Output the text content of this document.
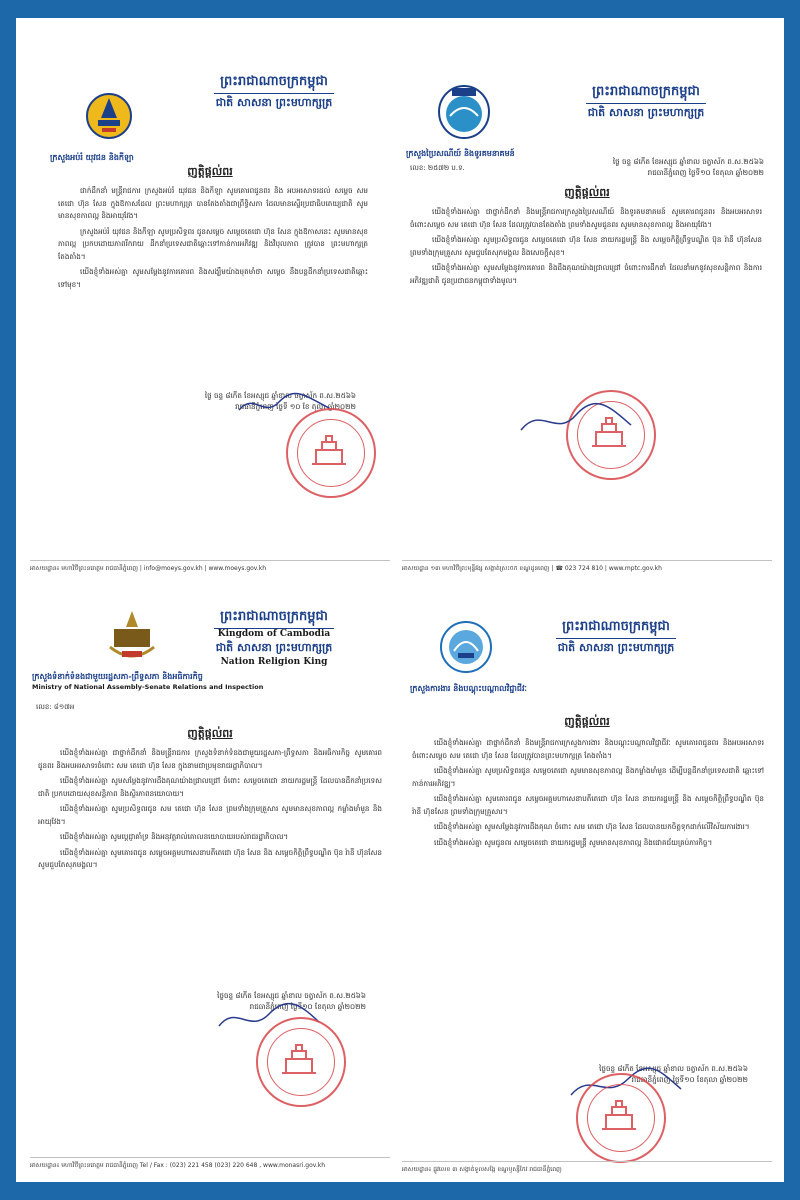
ក្រសួងអប់រំ យុវជន និងកីឡា
ព្រះរាជាណាចក្រកម្ពុជា
ជាតិ សាសនា ព្រះមហាក្សត្រ
ញត្តិផ្ដល់ពរ

ជាក់ដឹកនាំ មន្ត្រីរាជការ ក្រសួងអប់រំ យុវជន និងកីឡា សូមគោរពជូនពរ និង អបអរសាទរដល់ សម្តេច សម តេជោ ហ៊ុន សែន ក្នុងឱកាសដែល ព្រះមហាក្សត្រ បានតែងតាំងជាព្រឹទ្ធិសភា ដែលមានស្ទើរប្រជាធិបតេយ្យជាតិ សូមមានសុខភាពល្អ និងអាយុវែង។

ក្រសួងអប់រំ យុវជន និងកីឡា សូមប្រសិទ្ធពរ ជូនសម្តេច សម្តេចតេជោ ហ៊ុន សែន ក្នុងឱកាសនេះ សូមមានសុខភាពល្អ ប្រកបដោយភាពរីករាយ ដឹកនាំប្រទេសជាតិឆ្ពោះទៅកាន់ការអភិវឌ្ឍ និងវិបុលភាព ត្រូវបាន ព្រះមហាក្សត្រ តែងតាំង។

យើងខ្ញុំទាំងអស់គ្នា សូមសម្ដែងនូវការគោរព និងសង្ឃឹមយ៉ាងមុតមាំថា សម្តេច នឹងបន្តដឹកនាំប្រទេសជាតិឆ្ពោះទៅមុខ។

ថ្ងៃ ចន្ទ ៨កើត ខែអស្សុជ ឆ្នាំខាល ចត្វាស័ក ព.ស.២៥៦៦
រាជធានីភ្នំពេញ ថ្ងៃទី ១០ ខែ តុលា ឆ្នាំ២០២២
អាសយដ្ឋាន៖ មហាវិថីព្រះនរោត្តម រាជធានីភ្នំពេញ | info@moeys.gov.kh | www.moeys.gov.kh
ក្រសួងប្រៃសណីយ៍ និងទូរគមនាគមន៍
ព្រះរាជាណាចក្រកម្ពុជា
ជាតិ សាសនា ព្រះមហាក្សត្រ
លេខ: ២៥៧២ ប.ទ.
ថ្ងៃ ចន្ទ ៨កើត ខែអស្សុជ ឆ្នាំខាល ចត្វាស័ក ព.ស.២៥៦៦
រាជធានីភ្នំពេញ ថ្ងៃទី១០ ខែតុលា ឆ្នាំ២០២២
ញត្តិផ្ដល់ពរ

យើងខ្ញុំទាំងអស់គ្នា ជាថ្នាក់ដឹកនាំ និងមន្ត្រីរាជការក្រសួងប្រៃសណីយ៍ និងទូរគមនាគមន៍ សូមគោរពជូនពរ និងអបអរសាទរ ចំពោះសម្តេច សម តេជោ ហ៊ុន សែន ដែលត្រូវបានតែងតាំង ព្រមទាំងសូមជូនពរ សូមមានសុខភាពល្អ និងអាយុវែង។

យើងខ្ញុំទាំងអស់គ្នា សូមប្រសិទ្ធពរជូន សម្តេចតេជោ ហ៊ុន សែន នាយករដ្ឋមន្ត្រី និង សម្តេចកិត្តិព្រឹទ្ធបណ្ឌិត ប៊ុន រ៉ានី ហ៊ុនសែន ព្រមទាំងក្រុមគ្រួសារ សូមជួបតែសុភមង្គល និងសេចក្ដីសុខ។

យើងខ្ញុំទាំងអស់គ្នា សូមសម្ដែងនូវការគោរព និងដឹងគុណយ៉ាងជ្រាលជ្រៅ ចំពោះការដឹកនាំ ដែលនាំមកនូវសុខសន្តិភាព និងការអភិវឌ្ឍជាតិ ជូនប្រជាជនកម្ពុជាទាំងមូល។

អាសយដ្ឋាន ១៣ មហាវិថីព្រះមុន្នីវង្ស សង្កាត់ស្រះចក ខណ្ឌដូនពេញ | ☎ 023 724 810 | www.mptc.gov.kh
ក្រសួងទំនាក់ទំនងជាមួយរដ្ឋសភា-ព្រឹទ្ធសភា និងអធិការកិច្ច
Ministry of National Assembly-Senate Relations and Inspection
ព្រះរាជាណាចក្រកម្ពុជា
Kingdom of Cambodia
ជាតិ សាសនា ព្រះមហាក្សត្រ
Nation Religion King
លេខ: ៨១៧អ
ញត្តិផ្ដល់ពរ

យើងខ្ញុំទាំងអស់គ្នា ជាថ្នាក់ដឹកនាំ និងមន្ត្រីរាជការ ក្រសួងទំនាក់ទំនងជាមួយរដ្ឋសភា-ព្រឹទ្ធសភា និងអធិការកិច្ច សូមគោរពជូនពរ និងអបអរសាទរចំពោះ សម តេជោ ហ៊ុន សែន ក្នុងនាមជាប្រមុខរាជរដ្ឋាភិបាល។

យើងខ្ញុំទាំងអស់គ្នា សូមសម្ដែងនូវការដឹងគុណយ៉ាងជ្រាលជ្រៅ ចំពោះ សម្តេចតេជោ នាយករដ្ឋមន្ត្រី ដែលបានដឹកនាំប្រទេសជាតិ ប្រកបដោយសុខសន្តិភាព និងស្ថិរភាពនយោបាយ។

យើងខ្ញុំទាំងអស់គ្នា សូមប្រសិទ្ធពរជូន សម តេជោ ហ៊ុន សែន ព្រមទាំងក្រុមគ្រួសារ សូមមានសុខភាពល្អ កម្លាំងមាំមួន និងអាយុវែង។

យើងខ្ញុំទាំងអស់គ្នា សូមប្ដេជ្ញាគាំទ្រ និងអនុវត្តរាល់គោលនយោបាយរបស់រាជរដ្ឋាភិបាល។

យើងខ្ញុំទាំងអស់គ្នា សូមគោរពជូន សម្តេចអគ្គមហាសេនាបតីតេជោ ហ៊ុន សែន និង សម្តេចកិត្តិព្រឹទ្ធបណ្ឌិត ប៊ុន រ៉ានី ហ៊ុនសែន សូមជួបតែសុភមង្គល។

ថ្ងៃចន្ទ ៨កើត ខែអស្សុជ ឆ្នាំខាល ចត្វាស័ក ព.ស.២៥៦៦
រាជធានីភ្នំពេញ ថ្ងៃទី១០ ខែតុលា ឆ្នាំ២០២២
អាសយដ្ឋាន៖ មហាវិថីព្រះនរោត្តម រាជធានីភ្នំពេញ Tel / Fax : (023) 221 458 (023) 220 648 , www.monasri.gov.kh
ក្រសួងការងារ និងបណ្តុះបណ្តាលវិជ្ជាជីវៈ
ព្រះរាជាណាចក្រកម្ពុជា
ជាតិ សាសនា ព្រះមហាក្សត្រ
ញត្តិផ្ដល់ពរ

យើងខ្ញុំទាំងអស់គ្នា ជាថ្នាក់ដឹកនាំ និងមន្ត្រីរាជការក្រសួងការងារ និងបណ្តុះបណ្តាលវិជ្ជាជីវៈ សូមគោរពជូនពរ និងអបអរសាទរ ចំពោះសម្តេច សម តេជោ ហ៊ុន សែន ដែលត្រូវបានព្រះមហាក្សត្រ តែងតាំង។

យើងខ្ញុំទាំងអស់គ្នា សូមប្រសិទ្ធពរជូន សម្តេចតេជោ សូមមានសុខភាពល្អ និងកម្លាំងមាំមួន ដើម្បីបន្តដឹកនាំប្រទេសជាតិ ឆ្ពោះទៅកាន់ការអភិវឌ្ឍ។

យើងខ្ញុំទាំងអស់គ្នា សូមគោរពជូន សម្តេចអគ្គមហាសេនាបតីតេជោ ហ៊ុន សែន នាយករដ្ឋមន្ត្រី និង សម្តេចកិត្តិព្រឹទ្ធបណ្ឌិត ប៊ុន រ៉ានី ហ៊ុនសែន ព្រមទាំងក្រុមគ្រួសារ។

យើងខ្ញុំទាំងអស់គ្នា សូមសម្ដែងនូវការដឹងគុណ ចំពោះ សម តេជោ ហ៊ុន សែន ដែលបានយកចិត្តទុកដាក់លើវិស័យការងារ។

យើងខ្ញុំទាំងអស់គ្នា សូមជូនពរ សម្តេចតេជោ នាយករដ្ឋមន្ត្រី សូមមានសុខភាពល្អ និងជោគជ័យគ្រប់ភារកិច្ច។

ថ្ងៃចន្ទ ៨កើត ខែអស្សុជ ឆ្នាំខាល ចត្វាស័ក ព.ស.២៥៦៦
រាជធានីភ្នំពេញ ថ្ងៃទី១០ ខែតុលា ឆ្នាំ២០២២
អាសយដ្ឋាន៖ ផ្លូវលេខ ៣ សង្កាត់ទួលសង្កែ ខណ្ឌឫស្សីកែវ រាជធានីភ្នំពេញ
